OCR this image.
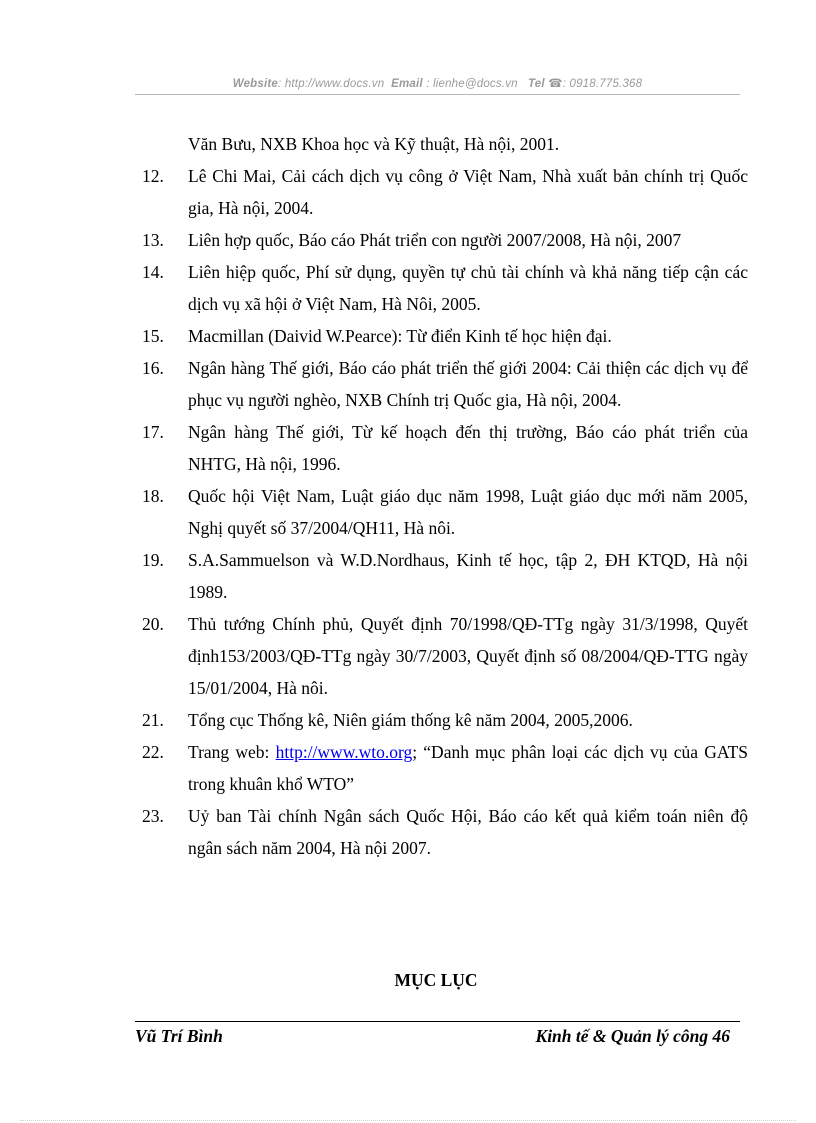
Website: http://www.docs.vn Email : lienhe@docs.vn Tel ☎: 0918.775.368
Văn Bưu, NXB Khoa học và Kỹ thuật, Hà nội, 2001.
12. Lê Chi Mai, Cải cách dịch vụ công ở Việt Nam, Nhà xuất bản chính trị Quốc gia, Hà nội, 2004.
13. Liên hợp quốc, Báo cáo Phát triển con người 2007/2008, Hà nội, 2007
14. Liên hiệp quốc, Phí sử dụng, quyền tự chủ tài chính và khả năng tiếp cận các dịch vụ xã hội ở Việt Nam, Hà Nôi, 2005.
15. Macmillan (Daivid W.Pearce): Từ điển Kinh tế học hiện đại.
16. Ngân hàng Thế giới, Báo cáo phát triển thế giới 2004: Cải thiện các dịch vụ để phục vụ người nghèo, NXB Chính trị Quốc gia, Hà nội, 2004.
17. Ngân hàng Thế giới, Từ kế hoạch đến thị trường, Báo cáo phát triển của NHTG, Hà nội, 1996.
18. Quốc hội Việt Nam, Luật giáo dục năm 1998, Luật giáo dục mới năm 2005, Nghị quyết số 37/2004/QH11, Hà nôi.
19. S.A.Sammuelson và W.D.Nordhaus, Kinh tế học, tập 2, ĐH KTQD, Hà nội 1989.
20. Thủ tướng Chính phủ, Quyết định 70/1998/QĐ-TTg ngày 31/3/1998, Quyết định153/2003/QĐ-TTg ngày 30/7/2003, Quyết định số 08/2004/QĐ-TTG ngày 15/01/2004, Hà nôi.
21. Tổng cục Thống kê, Niên giám thống kê năm 2004, 2005,2006.
22. Trang web: http://www.wto.org; “Danh mục phân loại các dịch vụ của GATS trong khuân khổ WTO”
23. Uỷ ban Tài chính Ngân sách Quốc Hội, Báo cáo kết quả kiểm toán niên độ ngân sách năm 2004, Hà nội 2007.
MỤC LỤC
Vũ Trí Bình	Kinh tế & Quản lý công 46
